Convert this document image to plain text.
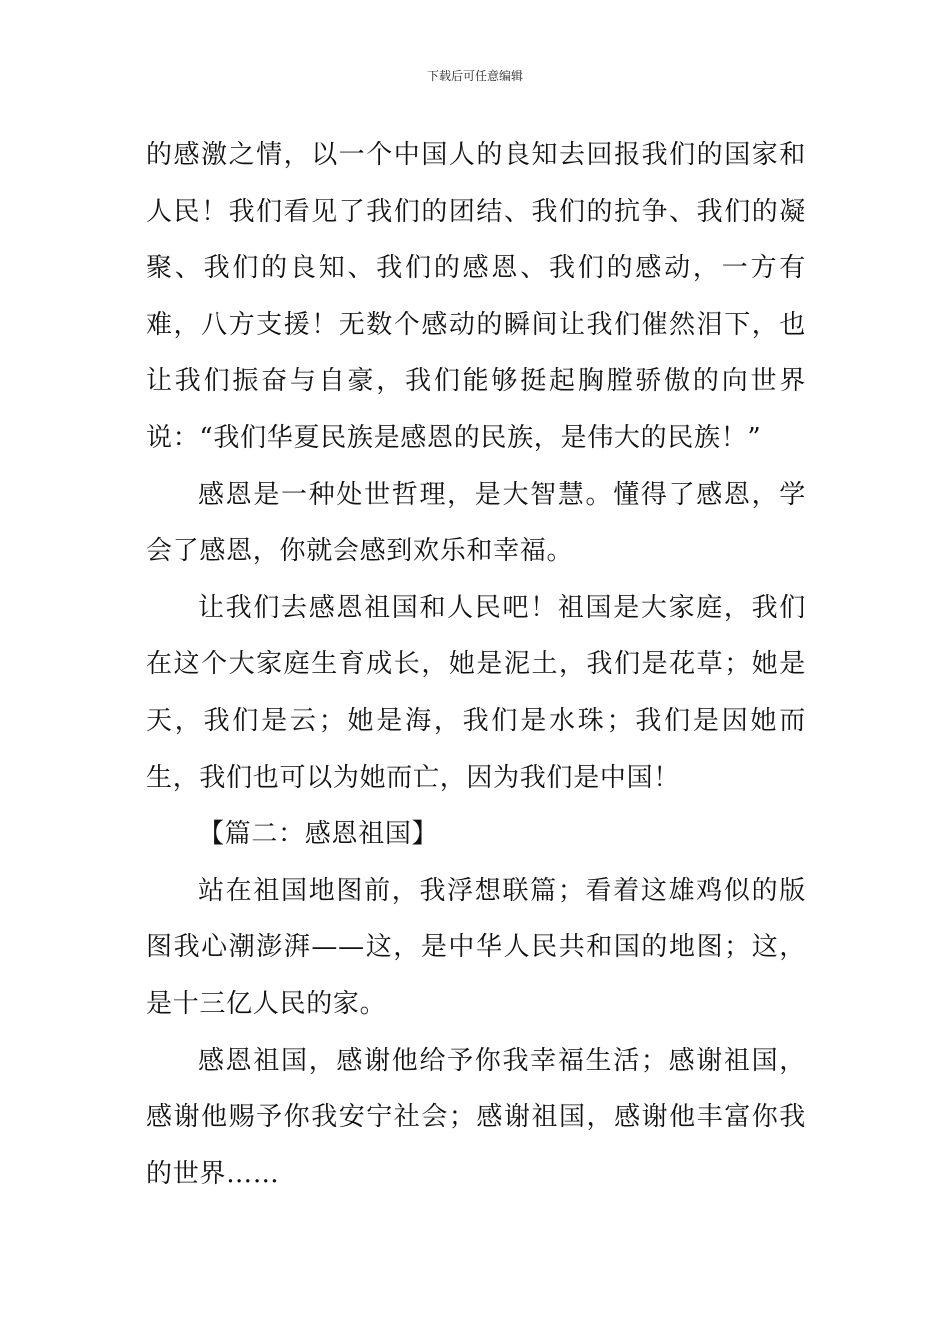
下载后可任意编辑

的感激之情，以一个中国人的良知去回报我们的国家和人民！我们看见了我们的团结、我们的抗争、我们的凝聚、我们的良知、我们的感恩、我们的感动，一方有难，八方支援！无数个感动的瞬间让我们催然泪下，也让我们振奋与自豪，我们能够挺起胸膛骄傲的向世界说：“我们华夏民族是感恩的民族，是伟大的民族！”

感恩是一种处世哲理，是大智慧。懂得了感恩，学会了感恩，你就会感到欢乐和幸福。

让我们去感恩祖国和人民吧！祖国是大家庭，我们在这个大家庭生育成长，她是泥土，我们是花草；她是天，我们是云；她是海，我们是水珠；我们是因她而生，我们也可以为她而亡，因为我们是中国！

【篇二：感恩祖国】

站在祖国地图前，我浮想联篇；看着这雄鸡似的版图我心潮澎湃——这，是中华人民共和国的地图；这，是十三亿人民的家。

感恩祖国，感谢他给予你我幸福生活；感谢祖国，感谢他赐予你我安宁社会；感谢祖国，感谢他丰富你我的世界……
